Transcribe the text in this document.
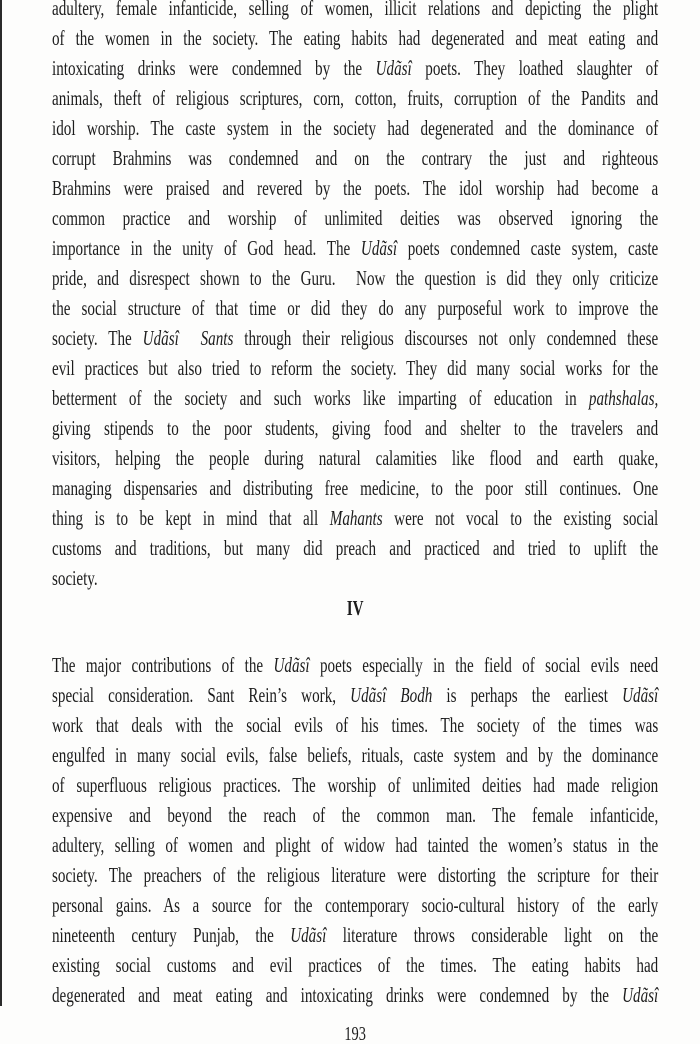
adultery, female infanticide, selling of women, illicit relations and depicting the plight
of the women in the society. The eating habits had degenerated and meat eating and
intoxicating drinks were condemned by the Udãsî poets. They loathed slaughter of
animals, theft of religious scriptures, corn, cotton, fruits, corruption of the Pandits and
idol worship. The caste system in the society had degenerated and the dominance of
corrupt Brahmins was condemned and on the contrary the just and righteous
Brahmins were praised and revered by the poets. The idol worship had become a
common practice and worship of unlimited deities was observed ignoring the
importance in the unity of God head. The Udãsî poets condemned caste system, caste
pride, and disrespect shown to the Guru.  Now the question is did they only criticize
the social structure of that time or did they do any purposeful work to improve the
society. The Udãsî  Sants through their religious discourses not only condemned these
evil practices but also tried to reform the society. They did many social works for the
betterment of the society and such works like imparting of education in pathshalas,
giving stipends to the poor students, giving food and shelter to the travelers and
visitors, helping the people during natural calamities like flood and earth quake,
managing dispensaries and distributing free medicine, to the poor still continues. One
thing is to be kept in mind that all Mahants were not vocal to the existing social
customs and traditions, but many did preach and practiced and tried to uplift the
society.
IV
The major contributions of the Udãsî poets especially in the field of social evils need
special consideration. Sant Rein’s work, Udãsî Bodh is perhaps the earliest Udãsî
work that deals with the social evils of his times. The society of the times was
engulfed in many social evils, false beliefs, rituals, caste system and by the dominance
of superfluous religious practices. The worship of unlimited deities had made religion
expensive and beyond the reach of the common man. The female infanticide,
adultery, selling of women and plight of widow had tainted the women’s status in the
society. The preachers of the religious literature were distorting the scripture for their
personal gains. As a source for the contemporary socio-cultural history of the early
nineteenth century Punjab, the Udãsî literature throws considerable light on the
existing social customs and evil practices of the times. The eating habits had
degenerated and meat eating and intoxicating drinks were condemned by the Udãsî
193
